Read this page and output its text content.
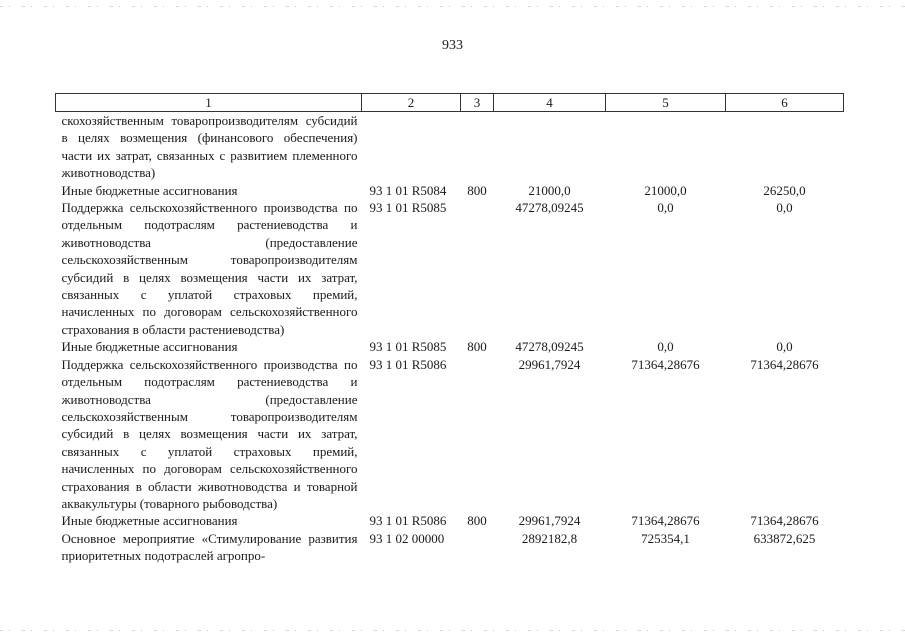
933
1	2	3	4	5	6
скохозяйственным товаропроизводителям субсидий в целях возмещения (финансового обеспечения) части их затрат, связанных с развитием племенного животноводства)					
Иные бюджетные ассигнования	93 1 01 R5084	800	21000,0	21000,0	26250,0
Поддержка сельскохозяйственного производства по отдельным подотраслям растениеводства и животноводства (предоставление сельскохозяйственным товаропроизводителям субсидий в целях возмещения части их затрат, связанных с уплатой страховых премий, начисленных по договорам сельскохозяйственного страхования в области растениеводства)	93 1 01 R5085		47278,09245	0,0	0,0
Иные бюджетные ассигнования	93 1 01 R5085	800	47278,09245	0,0	0,0
Поддержка сельскохозяйственного производства по отдельным подотраслям растениеводства и животноводства (предоставление сельскохозяйственным товаропроизводителям субсидий в целях возмещения части их затрат, связанных с уплатой страховых премий, начисленных по договорам сельскохозяйственного страхования в области животноводства и товарной аквакультуры (товарного рыбоводства)	93 1 01 R5086		29961,7924	71364,28676	71364,28676
Иные бюджетные ассигнования	93 1 01 R5086	800	29961,7924	71364,28676	71364,28676
Основное мероприятие «Стимулирование развития приоритетных подотраслей агропро-	93 1 02 00000		2892182,8	725354,1	633872,625
